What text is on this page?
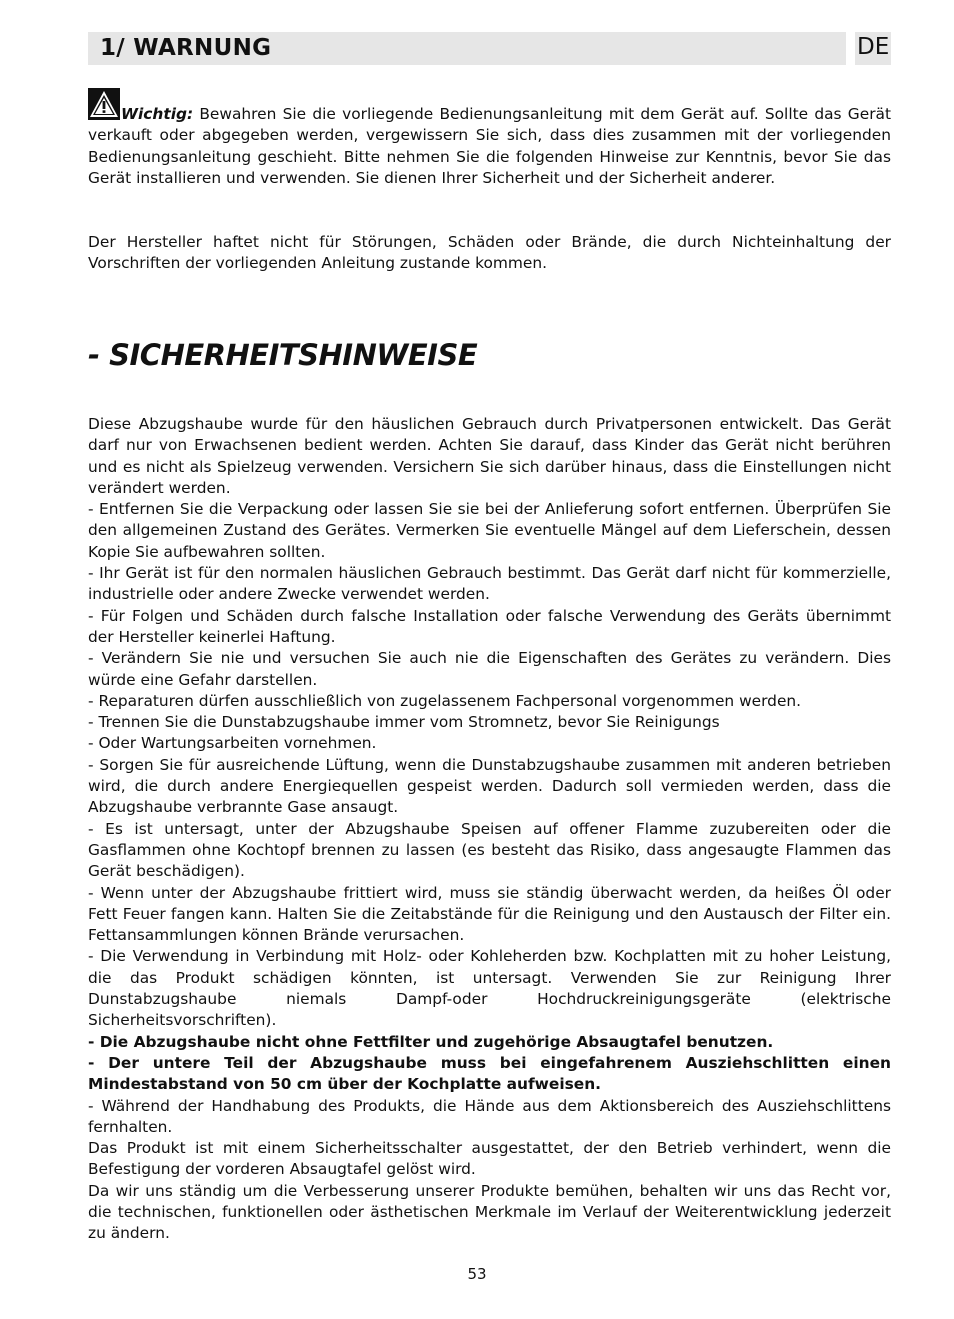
1/ WARNUNG	DE
Wichtig: Bewahren Sie die vorliegende Bedienungsanleitung mit dem Gerät auf. Sollte das Gerät verkauft oder abgegeben werden, vergewissern Sie sich, dass dies zusammen mit der vorliegenden Bedienungsanleitung geschieht. Bitte nehmen Sie die folgenden Hinweise zur Kenntnis, bevor Sie das Gerät installieren und verwenden. Sie dienen Ihrer Sicherheit und der Sicherheit anderer.
Der Hersteller haftet nicht für Störungen, Schäden oder Brände, die durch Nichteinhaltung der Vorschriften der vorliegenden Anleitung zustande kommen.
- SICHERHEITSHINWEISE

Diese Abzugshaube wurde für den häuslichen Gebrauch durch Privatpersonen entwickelt. Das Gerät darf nur von Erwachsenen bedient werden. Achten Sie darauf, dass Kinder das Gerät nicht berühren und es nicht als Spielzeug verwenden. Versichern Sie sich darüber hinaus, dass die Einstellungen nicht verändert werden.

- Entfernen Sie die Verpackung oder lassen Sie sie bei der Anlieferung sofort entfernen. Überprüfen Sie den allgemeinen Zustand des Gerätes. Vermerken Sie eventuelle Mängel auf dem Lieferschein, dessen Kopie Sie aufbewahren sollten.

- Ihr Gerät ist für den normalen häuslichen Gebrauch bestimmt. Das Gerät darf nicht für kommerzielle, industrielle oder andere Zwecke verwendet werden.

- Für Folgen und Schäden durch falsche Installation oder falsche Verwendung des Geräts übernimmt der Hersteller keinerlei Haftung.

- Verändern Sie nie und versuchen Sie auch nie die Eigenschaften des Gerätes zu verändern. Dies würde eine Gefahr darstellen.

- Reparaturen dürfen ausschließlich von zugelassenem Fachpersonal vorgenommen werden.

- Trennen Sie die Dunstabzugshaube immer vom Stromnetz, bevor Sie Reinigungs

- Oder Wartungsarbeiten vornehmen.

- Sorgen Sie für ausreichende Lüftung, wenn die Dunstabzugshaube zusammen mit anderen betrieben wird, die durch andere Energiequellen gespeist werden. Dadurch soll vermieden werden, dass die Abzugshaube verbrannte Gase ansaugt.

- Es ist untersagt, unter der Abzugshaube Speisen auf offener Flamme zuzubereiten oder die Gasflammen ohne Kochtopf brennen zu lassen (es besteht das Risiko, dass angesaugte Flammen das Gerät beschädigen).

- Wenn unter der Abzugshaube frittiert wird, muss sie ständig überwacht werden, da heißes Öl oder Fett Feuer fangen kann. Halten Sie die Zeitabstände für die Reinigung und den Austausch der Filter ein. Fettansammlungen können Brände verursachen.

- Die Verwendung in Verbindung mit Holz- oder Kohleherden bzw. Kochplatten mit zu hoher Leistung, die das Produkt schädigen könnten, ist untersagt. Verwenden Sie zur Reinigung Ihrer Dunstabzugshaube niemals Dampf-oder Hochdruckreinigungsgeräte (elektrische Sicherheitsvorschriften).

- Die Abzugshaube nicht ohne Fettfilter und zugehörige Absaugtafel benutzen.

- Der untere Teil der Abzugshaube muss bei eingefahrenem Ausziehschlitten einen Mindestabstand von 50 cm über der Kochplatte aufweisen.

- Während der Handhabung des Produkts, die Hände aus dem Aktionsbereich des Ausziehschlittens fernhalten.

Das Produkt ist mit einem Sicherheitsschalter ausgestattet, der den Betrieb verhindert, wenn die Befestigung der vorderen Absaugtafel gelöst wird.

Da wir uns ständig um die Verbesserung unserer Produkte bemühen, behalten wir uns das Recht vor, die technischen, funktionellen oder ästhetischen Merkmale im Verlauf der Weiterentwicklung jederzeit zu ändern.

53
